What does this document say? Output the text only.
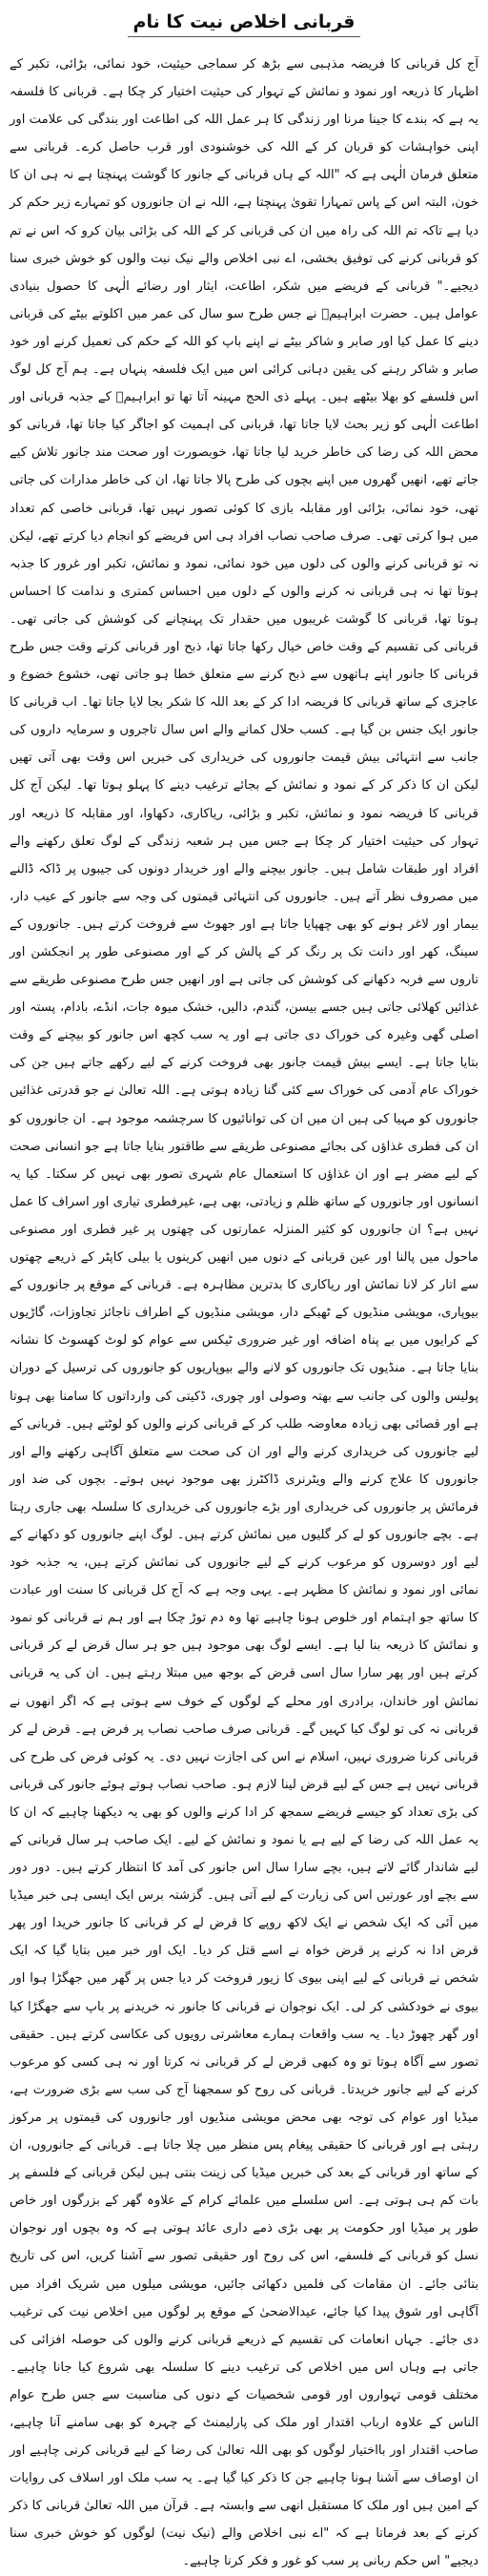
قربانی اخلاص نیت کا نام

آج کل قربانی کا فریضہ مذہبی سے بڑھ کر سماجی حیثیت، خود نمائی، بڑائی، تکبر کے اظہار کا ذریعہ اور نمود و نمائش کے تہوار کی حیثیت اختیار کر چکا ہے۔ قربانی کا فلسفہ یہ ہے کہ بندے کا جینا مرنا اور زندگی کا ہر عمل اللہ کی اطاعت اور بندگی کی علامت اور اپنی خواہشات کو قربان کر کے اللہ کی خوشنودی اور قرب حاصل کرے۔ قربانی سے متعلق فرمان الٰہی ہے کہ "اللہ کے ہاں قربانی کے جانور کا گوشت پہنچتا ہے نہ ہی ان کا خون، البتہ اس کے پاس تمہارا تقویٰ پہنچتا ہے، اللہ نے ان جانوروں کو تمہارے زیر حکم کر دیا ہے تاکہ تم اللہ کی راہ میں ان کی قربانی کر کے اللہ کی بڑائی بیان کرو کہ اس نے تم کو قربانی کرنے کی توفیق بخشی، اے نبی اخلاص والے نیک نیت والوں کو خوش خبری سنا دیجیے۔" قربانی کے فریضے میں شکر، اطاعت، ایثار اور رضائے الٰہی کا حصول بنیادی عوامل ہیں۔ حضرت ابراہیمؑ نے جس طرح سو سال کی عمر میں اکلوتے بیٹے کی قربانی دینے کا عمل کیا اور صابر و شاکر بیٹے نے اپنے باپ کو اللہ کے حکم کی تعمیل کرنے اور خود صابر و شاکر رہنے کی یقین دہانی کرائی اس میں ایک فلسفہ پنہاں ہے۔ ہم آج کل لوگ اس فلسفے کو بھلا بیٹھے ہیں۔ پہلے ذی الحج مہینہ آتا تھا تو ابراہیمؑ کے جذبہ قربانی اور اطاعت الٰہی کو زیر بحث لایا جاتا تھا، قربانی کی اہمیت کو اجاگر کیا جاتا تھا، قربانی کو محض اللہ کی رضا کی خاطر خرید لیا جاتا تھا، خوبصورت اور صحت مند جانور تلاش کیے جاتے تھے، انھیں گھروں میں اپنے بچوں کی طرح پالا جاتا تھا، ان کی خاطر مدارات کی جاتی تھی، خود نمائی، بڑائی اور مقابلہ بازی کا کوئی تصور نہیں تھا، قربانی خاصی کم تعداد میں ہوا کرتی تھی۔ صرف صاحب نصاب افراد ہی اس فریضے کو انجام دیا کرتے تھے، لیکن نہ تو قربانی کرنے والوں کی دلوں میں خود نمائی، نمود و نمائش، تکبر اور غرور کا جذبہ ہوتا تھا نہ ہی قربانی نہ کرنے والوں کے دلوں میں احساس کمتری و ندامت کا احساس ہوتا تھا، قربانی کا گوشت غریبوں میں حقدار تک پہنچانے کی کوشش کی جاتی تھی۔ قربانی کی تقسیم کے وقت خاص خیال رکھا جاتا تھا، ذبح اور قربانی کرتے وقت جس طرح قربانی کا جانور اپنے ہاتھوں سے ذبح کرنے سے متعلق خطا ہو جاتی تھی، خشوع خضوع و عاجزی کے ساتھ قربانی کا فریضہ ادا کر کے بعد اللہ کا شکر بجا لایا جاتا تھا۔ اب قربانی کا جانور ایک جنس بن گیا ہے۔ کسب حلال کمانے والے اس سال تاجروں و سرمایہ داروں کی جانب سے انتہائی بیش قیمت جانوروں کی خریداری کی خبریں اس وقت بھی آتی تھیں لیکن ان کا ذکر کر کے نمود و نمائش کے بجائے ترغیب دینے کا پہلو ہوتا تھا۔ لیکن آج کل قربانی کا فریضہ نمود و نمائش، تکبر و بڑائی، ریاکاری، دکھاوا، اور مقابلہ کا ذریعہ اور تہوار کی حیثیت اختیار کر چکا ہے جس میں ہر شعبہ زندگی کے لوگ تعلق رکھنے والے افراد اور طبقات شامل ہیں۔ جانور بیچنے والے اور خریدار دونوں کی جیبوں پر ڈاکہ ڈالنے میں مصروف نظر آتے ہیں۔ جانوروں کی انتہائی قیمتوں کی وجہ سے جانور کے عیب دار، بیمار اور لاغر ہونے کو بھی چھپایا جاتا ہے اور جھوٹ سے فروخت کرتے ہیں۔ جانوروں کے سینگ، کھر اور دانت تک پر رنگ کر کے پالش کر کے اور مصنوعی طور پر انجکشن اور تاروں سے فربہ دکھانے کی کوشش کی جاتی ہے اور انھیں جس طرح مصنوعی طریقے سے غذائیں کھلائی جاتی ہیں جسے بیسن، گندم، دالیں، خشک میوہ جات، انڈے، بادام، پستہ اور اصلی گھی وغیرہ کی خوراک دی جاتی ہے اور یہ سب کچھ اس جانور کو بیچنے کے وقت بتایا جاتا ہے۔ ایسے بیش قیمت جانور بھی فروخت کرنے کے لیے رکھے جاتے ہیں جن کی خوراک عام آدمی کی خوراک سے کئی گنا زیادہ ہوتی ہے۔ اللہ تعالیٰ نے جو قدرتی غذائیں جانوروں کو مہیا کی ہیں ان میں ان کی توانائیوں کا سرچشمہ موجود ہے۔ ان جانوروں کو ان کی فطری غذاؤں کی بجائے مصنوعی طریقے سے طاقتور بنایا جاتا ہے جو انسانی صحت کے لیے مضر ہے اور ان غذاؤں کا استعمال عام شہری تصور بھی نہیں کر سکتا۔ کیا یہ انسانوں اور جانوروں کے ساتھ ظلم و زیادتی، بھی ہے، غیرفطری تیاری اور اسراف کا عمل نہیں ہے؟ ان جانوروں کو کثیر المنزلہ عمارتوں کی چھتوں پر غیر فطری اور مصنوعی ماحول میں پالنا اور عین قربانی کے دنوں میں انھیں کرینوں یا بیلی کاپٹر کے ذریعے چھتوں سے اتار کر لانا نمائش اور ریاکاری کا بدترین مظاہرہ ہے۔ قربانی کے موقع پر جانوروں کے بیوپاری، مویشی منڈیوں کے ٹھیکے دار، مویشی منڈیوں کے اطراف ناجائز تجاوزات، گاڑیوں کے کرایوں میں بے پناہ اضافہ اور غیر ضروری ٹیکس سے عوام کو لوٹ کھسوٹ کا نشانہ بنایا جاتا ہے۔ منڈیوں تک جانوروں کو لانے والے بیوپاریوں کو جانوروں کی ترسیل کے دوران پولیس والوں کی جانب سے بھتہ وصولی اور چوری، ڈکیتی کی وارداتوں کا سامنا بھی ہوتا ہے اور قصائی بھی زیادہ معاوضہ طلب کر کے قربانی کرنے والوں کو لوٹتے ہیں۔ قربانی کے لیے جانوروں کی خریداری کرنے والے اور ان کی صحت سے متعلق آگاہی رکھنے والے اور جانوروں کا علاج کرنے والے ویٹرنری ڈاکٹرز بھی موجود نہیں ہوتے۔ بچوں کی ضد اور فرمائش پر جانوروں کی خریداری اور بڑے جانوروں کی خریداری کا سلسلہ بھی جاری رہتا ہے۔ بچے جانوروں کو لے کر گلیوں میں نمائش کرتے ہیں۔ لوگ اپنے جانوروں کو دکھانے کے لیے اور دوسروں کو مرعوب کرنے کے لیے جانوروں کی نمائش کرتے ہیں، یہ جذبہ خود نمائی اور نمود و نمائش کا مظہر ہے۔ یہی وجہ ہے کہ آج کل قربانی کا سنت اور عبادت کا ساتھ جو اہتمام اور خلوص ہونا چاہیے تھا وہ دم توڑ چکا ہے اور ہم نے قربانی کو نمود و نمائش کا ذریعہ بنا لیا ہے۔ ایسے لوگ بھی موجود ہیں جو ہر سال قرض لے کر قربانی کرتے ہیں اور پھر سارا سال اسی قرض کے بوجھ میں مبتلا رہتے ہیں۔ ان کی یہ قربانی نمائش اور خاندان، برادری اور محلے کے لوگوں کے خوف سے ہوتی ہے کہ اگر انھوں نے قربانی نہ کی تو لوگ کیا کہیں گے۔ قربانی صرف صاحب نصاب پر فرض ہے۔ قرض لے کر قربانی کرنا ضروری نہیں، اسلام نے اس کی اجازت نہیں دی۔ یہ کوئی فرض کی طرح کی قربانی نہیں ہے جس کے لیے قرض لینا لازم ہو۔ صاحب نصاب ہوتے ہوئے جانور کی قربانی کی بڑی تعداد کو جیسے فریضے سمجھ کر ادا کرنے والوں کو بھی یہ دیکھنا چاہیے کہ ان کا یہ عمل اللہ کی رضا کے لیے ہے یا نمود و نمائش کے لیے۔ ایک صاحب ہر سال قربانی کے لیے شاندار گائے لاتے ہیں، بچے سارا سال اس جانور کی آمد کا انتظار کرتے ہیں۔ دور دور سے بچے اور عورتیں اس کی زیارت کے لیے آتی ہیں۔ گزشتہ برس ایک ایسی ہی خبر میڈیا میں آئی کہ ایک شخص نے ایک لاکھ روپے کا قرض لے کر قربانی کا جانور خریدا اور پھر قرض ادا نہ کرنے پر قرض خواہ نے اسے قتل کر دیا۔ ایک اور خبر میں بتایا گیا کہ ایک شخص نے قربانی کے لیے اپنی بیوی کا زیور فروخت کر دیا جس پر گھر میں جھگڑا ہوا اور بیوی نے خودکشی کر لی۔ ایک نوجوان نے قربانی کا جانور نہ خریدنے پر باپ سے جھگڑا کیا اور گھر چھوڑ دیا۔ یہ سب واقعات ہمارے معاشرتی رویوں کی عکاسی کرتے ہیں۔ حقیقی تصور سے آگاہ ہوتا تو وہ کبھی قرض لے کر قربانی نہ کرتا اور نہ ہی کسی کو مرعوب کرنے کے لیے جانور خریدتا۔ قربانی کی روح کو سمجھنا آج کی سب سے بڑی ضرورت ہے، میڈیا اور عوام کی توجہ بھی محض مویشی منڈیوں اور جانوروں کی قیمتوں پر مرکوز رہتی ہے اور قربانی کا حقیقی پیغام پس منظر میں چلا جاتا ہے۔ قربانی کے جانوروں، ان کے ساتھ اور قربانی کے بعد کی خبریں میڈیا کی زینت بنتی ہیں لیکن قربانی کے فلسفے پر بات کم ہی ہوتی ہے۔ اس سلسلے میں علمائے کرام کے علاوہ گھر کے بزرگوں اور خاص طور پر میڈیا اور حکومت پر بھی بڑی ذمے داری عائد ہوتی ہے کہ وہ بچوں اور نوجوان نسل کو قربانی کے فلسفے، اس کی روح اور حقیقی تصور سے آشنا کریں، اس کی تاریخ بتائی جائے۔ ان مقامات کی فلمیں دکھائی جائیں، مویشی میلوں میں شریک افراد میں آگاہی اور شوق پیدا کیا جائے، عیدالاضحیٰ کے موقع پر لوگوں میں اخلاص نیت کی ترغیب دی جائے۔ جہاں انعامات کی تقسیم کے ذریعے قربانی کرنے والوں کی حوصلہ افزائی کی جاتی ہے وہاں اس میں اخلاص کی ترغیب دینے کا سلسلہ بھی شروع کیا جانا چاہیے۔ مختلف قومی تہواروں اور قومی شخصیات کے دنوں کی مناسبت سے جس طرح عوام الناس کے علاوہ ارباب اقتدار اور ملک کی پارلیمنٹ کے چہرہ کو بھی سامنے آنا چاہیے، صاحب اقتدار اور بااختیار لوگوں کو بھی اللہ تعالیٰ کی رضا کے لیے قربانی کرنی چاہیے اور ان اوصاف سے آشنا ہونا چاہیے جن کا ذکر کیا گیا ہے۔ یہ سب ملک اور اسلاف کی روایات کے امین ہیں اور ملک کا مستقبل انھی سے وابستہ ہے۔ قرآن میں اللہ تعالیٰ قربانی کا ذکر کرنے کے بعد فرماتا ہے کہ "اے نبی اخلاص والے (نیک نیت) لوگوں کو خوش خبری سنا دیجیے" اس حکم ربانی پر سب کو غور و فکر کرنا چاہیے۔
